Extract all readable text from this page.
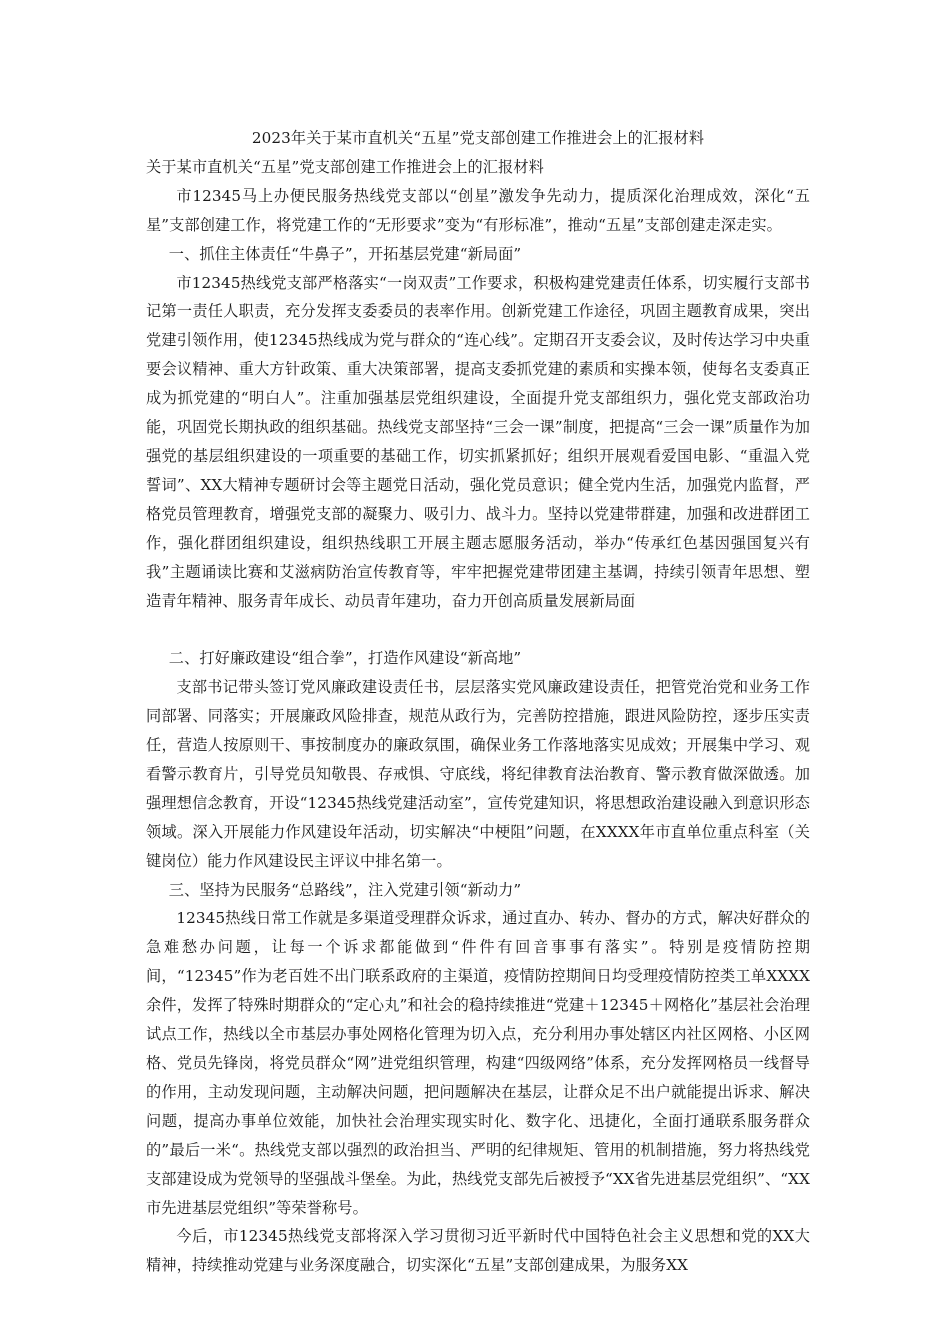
2023年关于某市直机关“五星”党支部创建工作推进会上的汇报材料
关于某市直机关“五星”党支部创建工作推进会上的汇报材料

市12345马上办便民服务热线党支部以“创星”激发争先动力，提质深化治理成效，深化“五星”支部创建工作，将党建工作的“无形要求”变为“有形标准”，推动“五星”支部创建走深走实。

一、抓住主体责任“牛鼻子”，开拓基层党建“新局面”

市12345热线党支部严格落实“一岗双责”工作要求，积极构建党建责任体系，切实履行支部书记第一责任人职责，充分发挥支委委员的表率作用。创新党建工作途径，巩固主题教育成果，突出党建引领作用，使12345热线成为党与群众的“连心线”。定期召开支委会议，及时传达学习中央重要会议精神、重大方针政策、重大决策部署，提高支委抓党建的素质和实操本领，使每名支委真正成为抓党建的“明白人”。注重加强基层党组织建设，全面提升党支部组织力，强化党支部政治功能，巩固党长期执政的组织基础。热线党支部坚持“三会一课”制度，把提高“三会一课”质量作为加强党的基层组织建设的一项重要的基础工作，切实抓紧抓好；组织开展观看爱国电影、“重温入党誓词”、XX大精神专题研讨会等主题党日活动，强化党员意识；健全党内生活，加强党内监督，严格党员管理教育，增强党支部的凝聚力、吸引力、战斗力。坚持以党建带群建，加强和改进群团工作，强化群团组织建设，组织热线职工开展主题志愿服务活动，举办“传承红色基因强国复兴有我”主题诵读比赛和艾滋病防治宣传教育等，牢牢把握党建带团建主基调，持续引领青年思想、塑造青年精神、服务青年成长、动员青年建功，奋力开创高质量发展新局面

二、打好廉政建设“组合拳”，打造作风建设“新高地”

支部书记带头签订党风廉政建设责任书，层层落实党风廉政建设责任，把管党治党和业务工作同部署、同落实；开展廉政风险排查，规范从政行为，完善防控措施，跟进风险防控，逐步压实责任，营造人按原则干、事按制度办的廉政氛围，确保业务工作落地落实见成效；开展集中学习、观看警示教育片，引导党员知敬畏、存戒惧、守底线，将纪律教育法治教育、警示教育做深做透。加强理想信念教育，开设“12345热线党建活动室”，宣传党建知识，将思想政治建设融入到意识形态领域。深入开展能力作风建设年活动，切实解决“中梗阻”问题，在XXXX年市直单位重点科室（关键岗位）能力作风建设民主评议中排名第一。

三、坚持为民服务“总路线”，注入党建引领“新动力”

12345热线日常工作就是多渠道受理群众诉求，通过直办、转办、督办的方式，解决好群众的急难愁办问题，让每一个诉求都能做到“件件有回音事事有落实”。特别是疫情防控期间，“12345”作为老百姓不出门联系政府的主渠道，疫情防控期间日均受理疫情防控类工单XXXX余件，发挥了特殊时期群众的“定心丸”和社会的稳持续推进“党建＋12345＋网格化”基层社会治理试点工作，热线以全市基层办事处网格化管理为切入点，充分利用办事处辖区内社区网格、小区网格、党员先锋岗，将党员群众“网”进党组织管理，构建“四级网络”体系，充分发挥网格员一线督导的作用，主动发现问题，主动解决问题，把问题解决在基层，让群众足不出户就能提出诉求、解决问题，提高办事单位效能，加快社会治理实现实时化、数字化、迅捷化，全面打通联系服务群众的”最后一米“。热线党支部以强烈的政治担当、严明的纪律规矩、管用的机制措施，努力将热线党支部建设成为党领导的坚强战斗堡垒。为此，热线党支部先后被授予“XX省先进基层党组织”、“XX市先进基层党组织”等荣誉称号。

今后，市12345热线党支部将深入学习贯彻习近平新时代中国特色社会主义思想和党的XX大精神，持续推动党建与业务深度融合，切实深化“五星”支部创建成果，为服务XX
